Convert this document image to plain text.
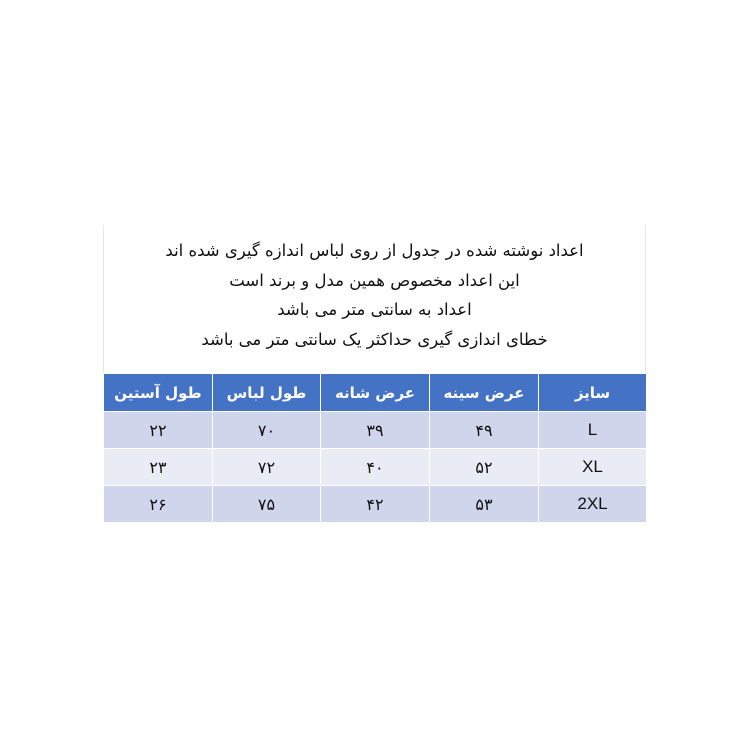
اعداد نوشته شده در جدول از روی لباس اندازه گیری شده اند
این اعداد مخصوص همین مدل و برند است
اعداد به سانتی متر می باشد
خطای اندازی گیری حداکثر یک سانتی متر می باشد
سایز	عرض سینه	عرض شانه	طول لباس	طول آستین
L	۴۹	۳۹	۷۰	۲۲
XL	۵۲	۴۰	۷۲	۲۳
2XL	۵۳	۴۲	۷۵	۲۶
